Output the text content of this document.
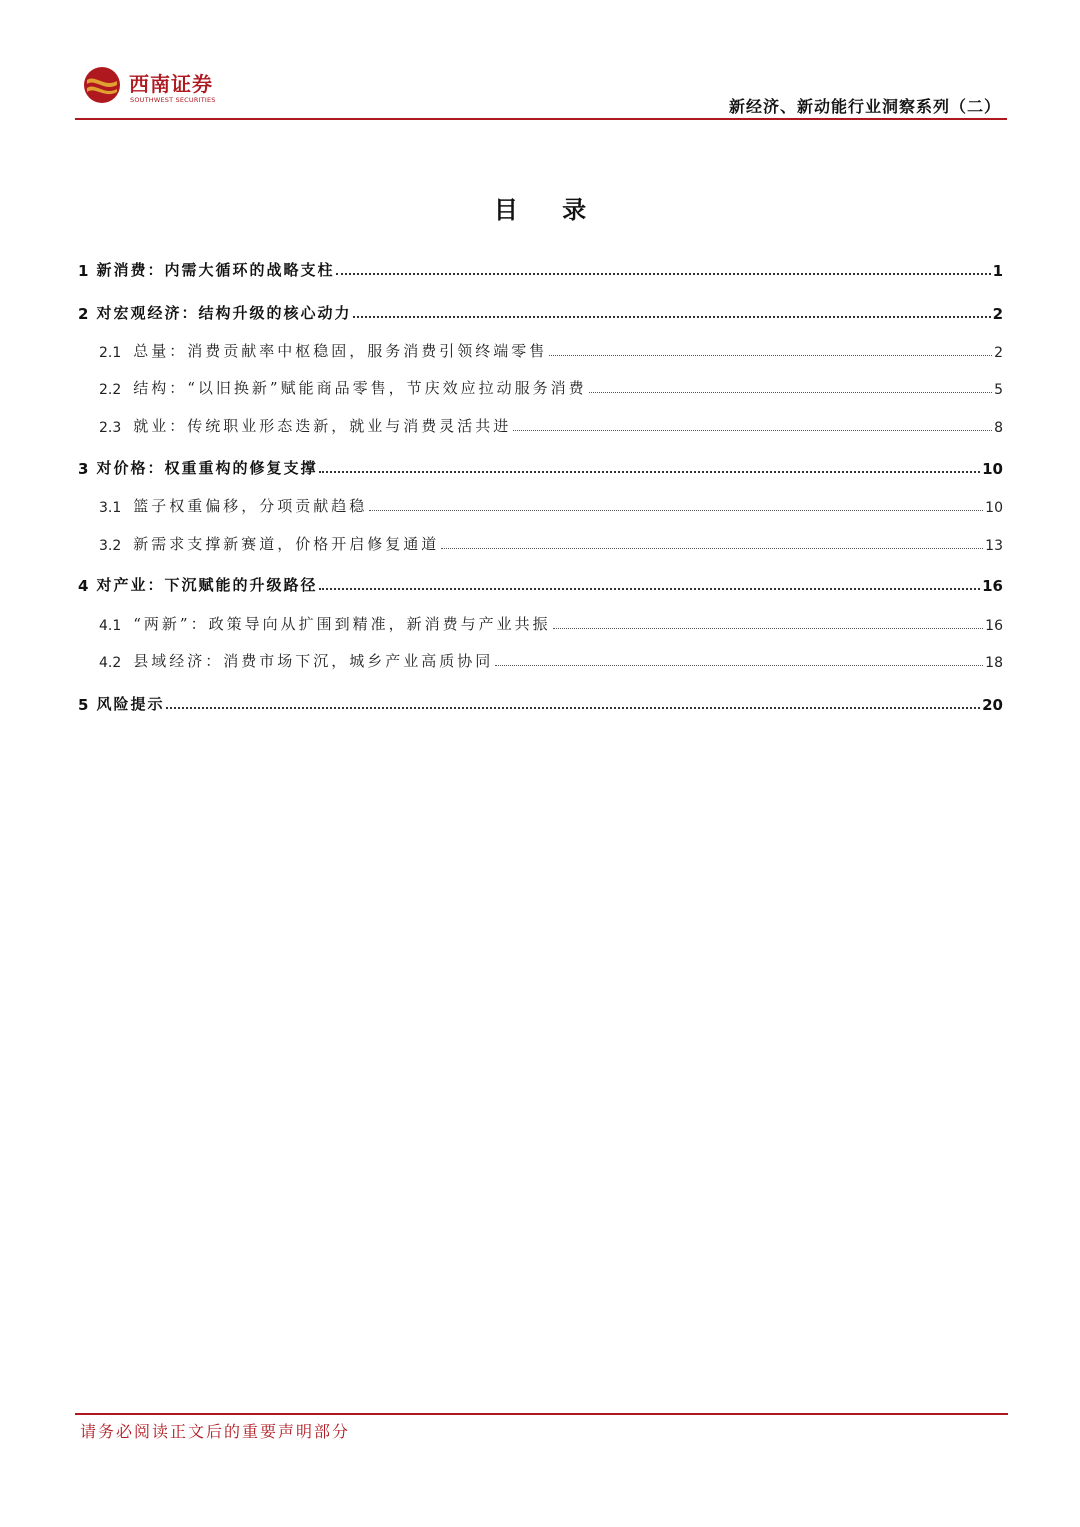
西南证券
SOUTHWEST SECURITIES	新经济、新动能行业洞察系列（二）
目 录
1 新消费：内需大循环的战略支柱	1
2 对宏观经济：结构升级的核心动力	2
2.1 总量：消费贡献率中枢稳固，服务消费引领终端零售	2
2.2 结构：“以旧换新”赋能商品零售，节庆效应拉动服务消费	5
2.3 就业：传统职业形态迭新，就业与消费灵活共进	8
3 对价格：权重重构的修复支撑	10
3.1 篮子权重偏移，分项贡献趋稳	10
3.2 新需求支撑新赛道，价格开启修复通道	13
4 对产业：下沉赋能的升级路径	16
4.1 “两新”：政策导向从扩围到精准，新消费与产业共振	16
4.2 县域经济：消费市场下沉，城乡产业高质协同	18
5 风险提示	20
请务必阅读正文后的重要声明部分
